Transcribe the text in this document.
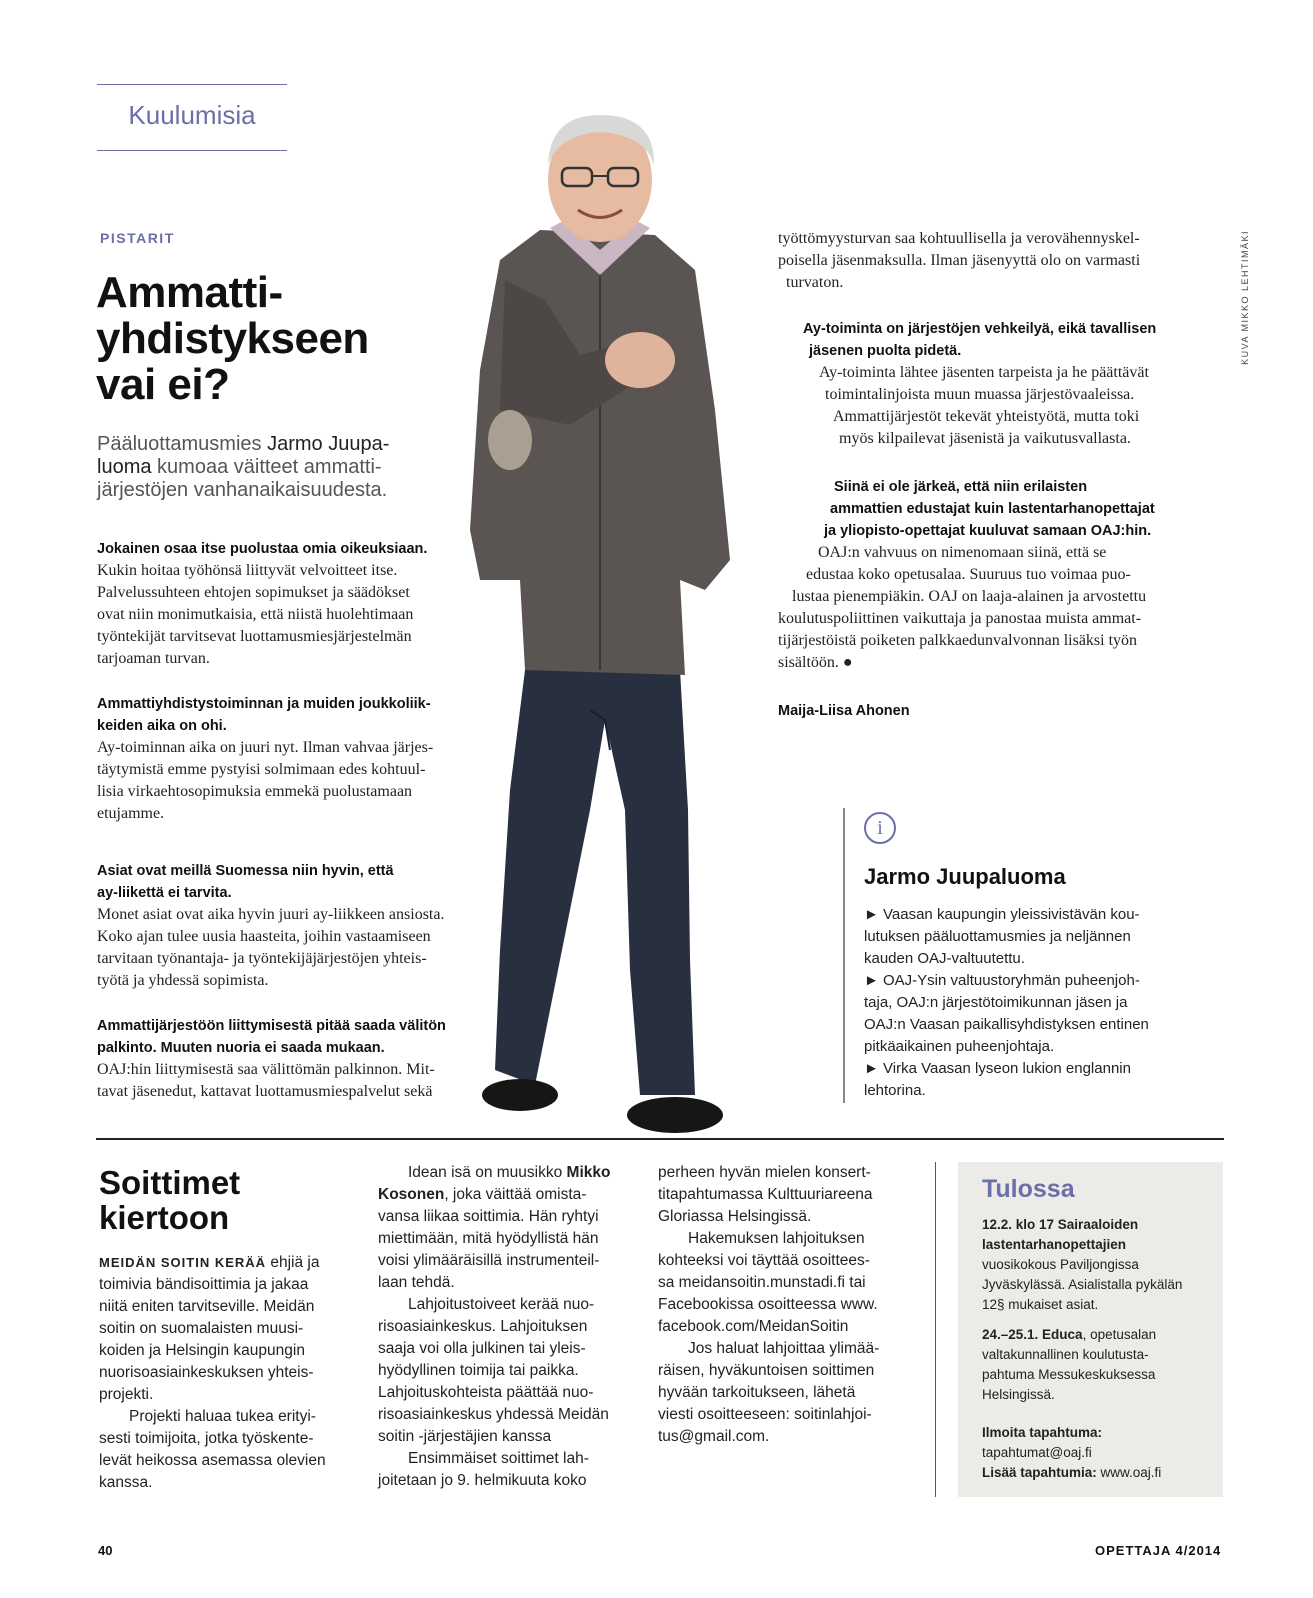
Kuulumisia
PISTARIT
Ammatti-
yhdistykseen
vai ei?
Pääluottamusmies Jarmo Juupa-
luoma kumoaa väitteet ammatti-
järjestöjen vanhanaikaisuudesta.
Jokainen osaa itse puolustaa omia oikeuksiaan.
Kukin hoitaa työhönsä liittyvät velvoitteet itse.
Palvelussuhteen ehtojen sopimukset ja säädökset
ovat niin monimutkaisia, että niistä huolehtimaan
työntekijät tarvitsevat luottamusmiesjärjestelmän
tarjoaman turvan.
Ammattiyhdistystoiminnan ja muiden joukkoliik-
keiden aika on ohi.
Ay-toiminnan aika on juuri nyt. Ilman vahvaa järjes-
täytymistä emme pystyisi solmimaan edes kohtuul-
lisia virkaehtosopimuksia emmekä puolustamaan
etujamme.
Asiat ovat meillä Suomessa niin hyvin, että
ay-liikettä ei tarvita.
Monet asiat ovat aika hyvin juuri ay-liikkeen ansiosta.
Koko ajan tulee uusia haasteita, joihin vastaamiseen
tarvitaan työnantaja- ja työntekijäjärjestöjen yhteis-
työtä ja yhdessä sopimista.
Ammattijärjestöön liittymisestä pitää saada välitön
palkinto. Muuten nuoria ei saada mukaan.
OAJ:hin liittymisestä saa välittömän palkinnon. Mit-
tavat jäsenedut, kattavat luottamusmiespalvelut sekä
KUVA MIKKO LEHTIMÄKI
työttömyysturvan saa kohtuullisella ja verovähennyskel-
poisella jäsenmaksulla. Ilman jäsenyyttä olo on varmasti
turvaton.
Ay-toiminta on järjestöjen vehkeilyä, eikä tavallisen
jäsenen puolta pidetä.
Ay-toiminta lähtee jäsenten tarpeista ja he päättävät
toimintalinjoista muun muassa järjestövaaleissa.
Ammattijärjestöt tekevät yhteistyötä, mutta toki
myös kilpailevat jäsenistä ja vaikutusvallasta.
Siinä ei ole järkeä, että niin erilaisten
ammattien edustajat kuin lastentarhanopettajat
ja yliopisto-opettajat kuuluvat samaan OAJ:hin.
OAJ:n vahvuus on nimenomaan siinä, että se
edustaa koko opetusalaa. Suuruus tuo voimaa puo-
lustaa pienempiäkin. OAJ on laaja-alainen ja arvostettu
koulutuspoliittinen vaikuttaja ja panostaa muista ammat-
tijärjestöistä poiketen palkkaedunvalvonnan lisäksi työn
sisältöön. ●
Maija-Liisa Ahonen
i
Jarmo Juupaluoma
► Vaasan kaupungin yleissivistävän kou-
lutuksen pääluottamusmies ja neljännen
kauden OAJ-valtuutettu.
► OAJ-Ysin valtuustoryhmän puheenjoh-
taja, OAJ:n järjestötoimikunnan jäsen ja
OAJ:n Vaasan paikallisyhdistyksen entinen
pitkäaikainen puheenjohtaja.
► Virka Vaasan lyseon lukion englannin
lehtorina.
Soittimet
kiertoon

MEIDÄN SOITIN KERÄÄ ehjiä ja

toimivia bändisoittimia ja jakaa

niitä eniten tarvitseville. Meidän

soitin on suomalaisten muusi-

koiden ja Helsingin kaupungin

nuorisoasiainkeskuksen yhteis-

projekti.

Projekti haluaa tukea erityi-

sesti toimijoita, jotka työskente-

levät heikossa asemassa olevien

kanssa.

Idean isä on muusikko Mikko

Kosonen, joka väittää omista-

vansa liikaa soittimia. Hän ryhtyi

miettimään, mitä hyödyllistä hän

voisi ylimääräisillä instrumenteil-

laan tehdä.

Lahjoitustoiveet kerää nuo-

risoasiainkeskus. Lahjoituksen

saaja voi olla julkinen tai yleis-

hyödyllinen toimija tai paikka.

Lahjoituskohteista päättää nuo-

risoasiainkeskus yhdessä Meidän

soitin -järjestäjien kanssa

Ensimmäiset soittimet lah-

joitetaan jo 9. helmikuuta koko

perheen hyvän mielen konsert-

titapahtumassa Kulttuuriareena

Gloriassa Helsingissä.

Hakemuksen lahjoituksen

kohteeksi voi täyttää osoittees-

sa meidansoitin.munstadi.fi tai

Facebookissa osoitteessa www.

facebook.com/MeidanSoitin

Jos haluat lahjoittaa ylimää-

räisen, hyväkuntoisen soittimen

hyvään tarkoitukseen, lähetä

viesti osoitteeseen: soitinlahjoi-

tus@gmail.com.

Tulossa

12.2. klo 17 Sairaaloiden

lastentarhanopettajien

vuosikokous Paviljongissa

Jyväskylässä. Asialistalla pykälän

12§ mukaiset asiat.

24.–25.1. Educa, opetusalan

valtakunnallinen koulutusta-

pahtuma Messukeskuksessa

Helsingissä.

Ilmoita tapahtuma:

tapahtumat@oaj.fi

Lisää tapahtumia: www.oaj.fi

40	OPETTAJA 4/2014
